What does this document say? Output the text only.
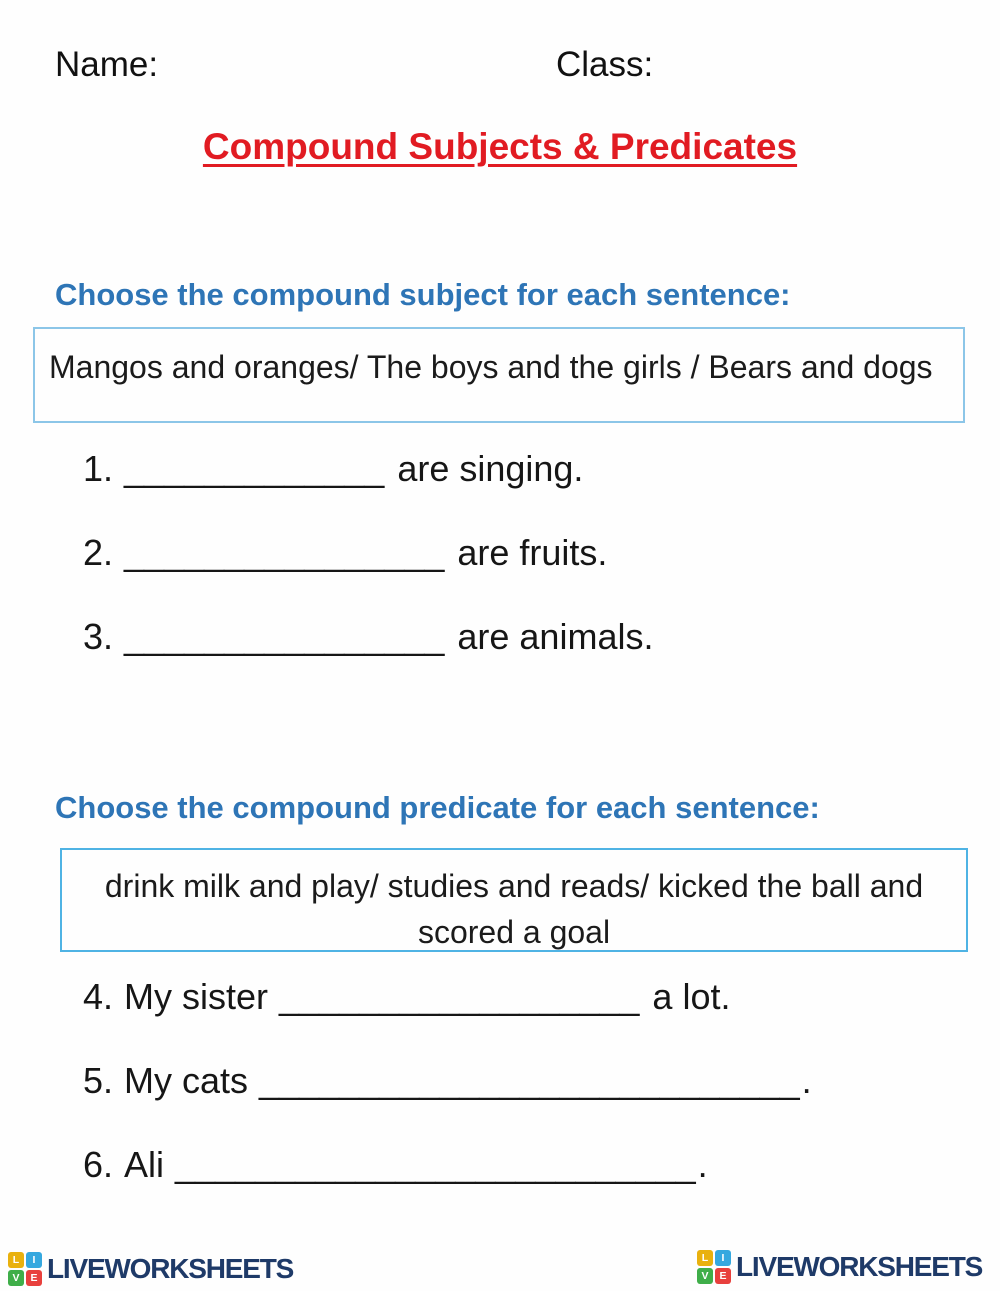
Name:	Class:
Compound Subjects & Predicates
Choose the compound subject for each sentence:
Mangos and oranges/ The boys and the girls / Bears and dogs
1. _____________ are singing.
2. ________________ are fruits.
3. ________________ are animals.
Choose the compound predicate for each sentence:
drink milk and play/ studies and reads/ kicked the ball and
scored a goal
4. My sister __________________ a lot.
5. My cats ___________________________.
6. Ali __________________________.
L	I
V	E LIVEWORKSHEETS	L	I
V	E LIVEWORKSHEETS
